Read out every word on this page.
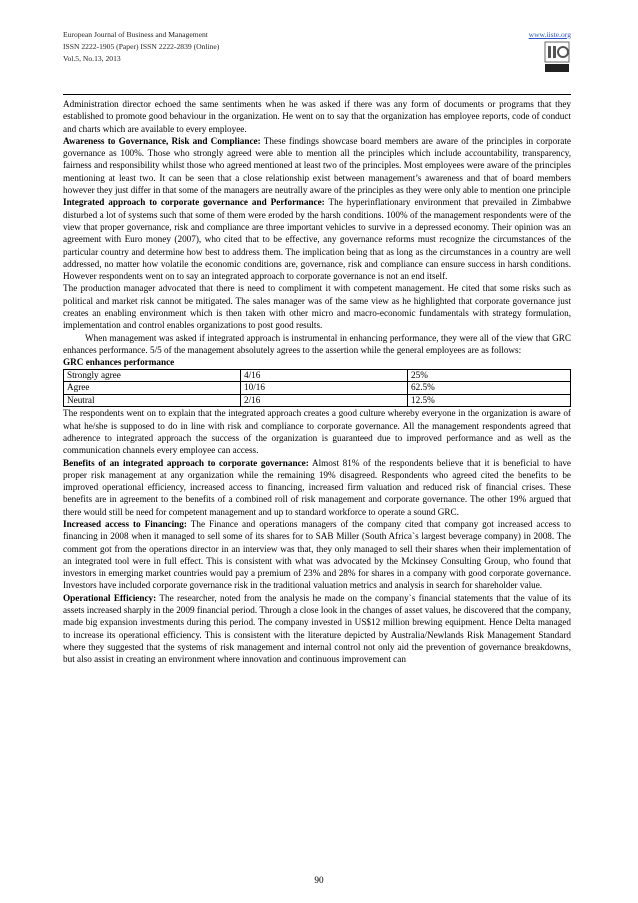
European Journal of Business and Management
ISSN 2222-1905 (Paper) ISSN 2222-2839 (Online)
Vol.5, No.13, 2013
www.iiste.org

Administration director echoed the same sentiments when he was asked if there was any form of documents or programs that they established to promote good behaviour in the organization. He went on to say that the organization has employee reports, code of conduct and charts which are available to every employee.

Awareness to Governance, Risk and Compliance: These findings showcase board members are aware of the principles in corporate governance as 100%. Those who strongly agreed were able to mention all the principles which include accountability, transparency, fairness and responsibility whilst those who agreed mentioned at least two of the principles. Most employees were aware of the principles mentioning at least two. It can be seen that a close relationship exist between management’s awareness and that of board members however they just differ in that some of the managers are neutrally aware of the principles as they were only able to mention one principle

Integrated approach to corporate governance and Performance: The hyperinflationary environment that prevailed in Zimbabwe disturbed a lot of systems such that some of them were eroded by the harsh conditions. 100% of the management respondents were of the view that proper governance, risk and compliance are three important vehicles to survive in a depressed economy. Their opinion was an agreement with Euro money (2007), who cited that to be effective, any governance reforms must recognize the circumstances of the particular country and determine how best to address them. The implication being that as long as the circumstances in a country are well addressed, no matter how volatile the economic conditions are, governance, risk and compliance can ensure success in harsh conditions. However respondents went on to say an integrated approach to corporate governance is not an end itself.

The production manager advocated that there is need to compliment it with competent management. He cited that some risks such as political and market risk cannot be mitigated. The sales manager was of the same view as he highlighted that corporate governance just creates an enabling environment which is then taken with other micro and macro-economic fundamentals with strategy formulation, implementation and control enables organizations to post good results.

When management was asked if integrated approach is instrumental in enhancing performance, they were all of the view that GRC enhances performance. 5/5 of the management absolutely agrees to the assertion while the general employees are as follows:

GRC enhances performance

Strongly agree	4/16	25%
Agree	10/16	62.5%
Neutral	2/16	12.5%

The respondents went on to explain that the integrated approach creates a good culture whereby everyone in the organization is aware of what he/she is supposed to do in line with risk and compliance to corporate governance. All the management respondents agreed that adherence to integrated approach the success of the organization is guaranteed due to improved performance and as well as the communication channels every employee can access.

Benefits of an integrated approach to corporate governance: Almost 81% of the respondents believe that it is beneficial to have proper risk management at any organization while the remaining 19% disagreed. Respondents who agreed cited the benefits to be improved operational efficiency, increased access to financing, increased firm valuation and reduced risk of financial crises. These benefits are in agreement to the benefits of a combined roll of risk management and corporate governance. The other 19% argued that there would still be need for competent management and up to standard workforce to operate a sound GRC.

Increased access to Financing: The Finance and operations managers of the company cited that company got increased access to financing in 2008 when it managed to sell some of its shares for to SAB Miller (South Africa`s largest beverage company) in 2008. The comment got from the operations director in an interview was that, they only managed to sell their shares when their implementation of an integrated tool were in full effect. This is consistent with what was advocated by the Mckinsey Consulting Group, who found that investors in emerging market countries would pay a premium of 23% and 28% for shares in a company with good corporate governance. Investors have included corporate governance risk in the traditional valuation metrics and analysis in search for shareholder value.

Operational Efficiency: The researcher, noted from the analysis he made on the company`s financial statements that the value of its assets increased sharply in the 2009 financial period. Through a close look in the changes of asset values, he discovered that the company, made big expansion investments during this period. The company invested in US$12 million brewing equipment. Hence Delta managed to increase its operational efficiency. This is consistent with the literature depicted by Australia/Newlands Risk Management Standard where they suggested that the systems of risk management and internal control not only aid the prevention of governance breakdowns, but also assist in creating an environment where innovation and continuous improvement can

90
